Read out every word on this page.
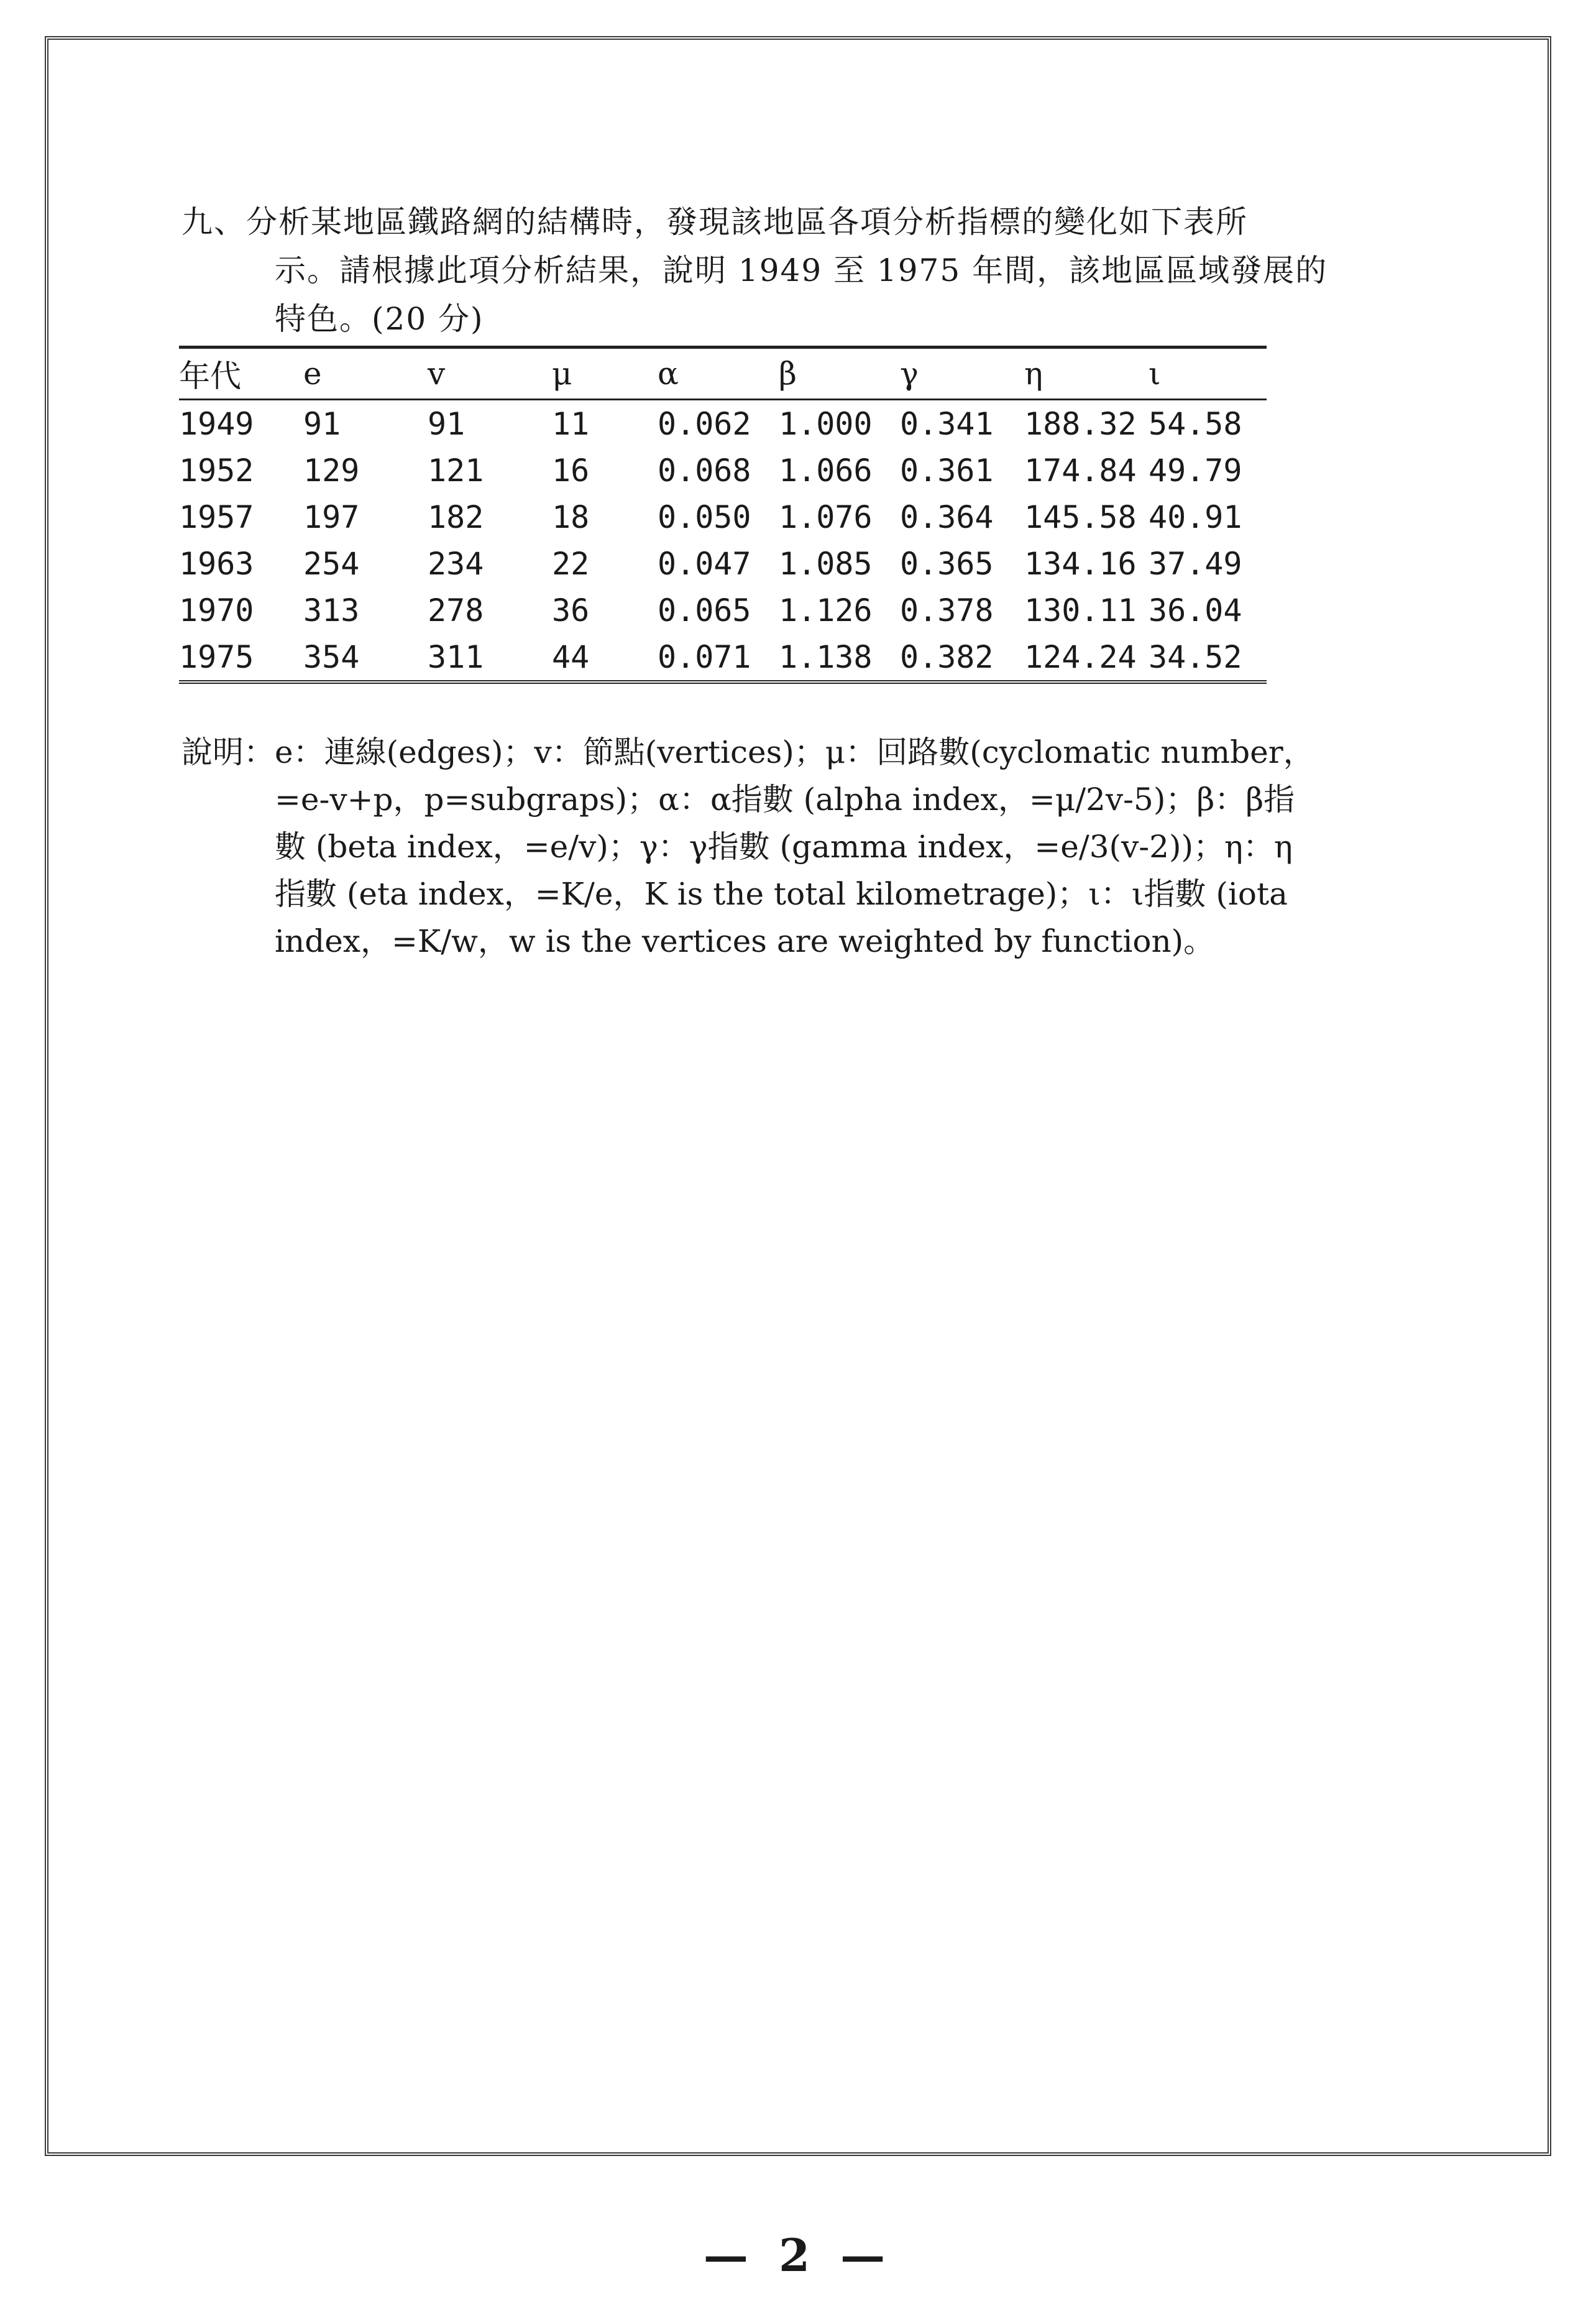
九、分析某地區鐵路網的結構時，發現該地區各項分析指標的變化如下表所
示。請根據此項分析結果，說明 1949 至 1975 年間，該地區區域發展的
特色。(20 分)
年代	e	v	μ	α	β	γ	η	ι
1949	91	91	11	0.062	1.000	0.341	188.32	54.58
1952	129	121	16	0.068	1.066	0.361	174.84	49.79
1957	197	182	18	0.050	1.076	0.364	145.58	40.91
1963	254	234	22	0.047	1.085	0.365	134.16	37.49
1970	313	278	36	0.065	1.126	0.378	130.11	36.04
1975	354	311	44	0.071	1.138	0.382	124.24	34.52
說明：e：連線(edges)；v：節點(vertices)；μ：回路數(cyclomatic number，
=e-v+p，p=subgraps)；α：α指數 (alpha index，=μ/2v-5)；β：β指
數 (beta index，=e/v)；γ：γ指數 (gamma index，=e/3(v-2))；η：η
指數 (eta index，=K/e，K is the total kilometrage)；ι：ι指數 (iota
index，=K/w，w is the vertices are weighted by function)。
— 2 —
